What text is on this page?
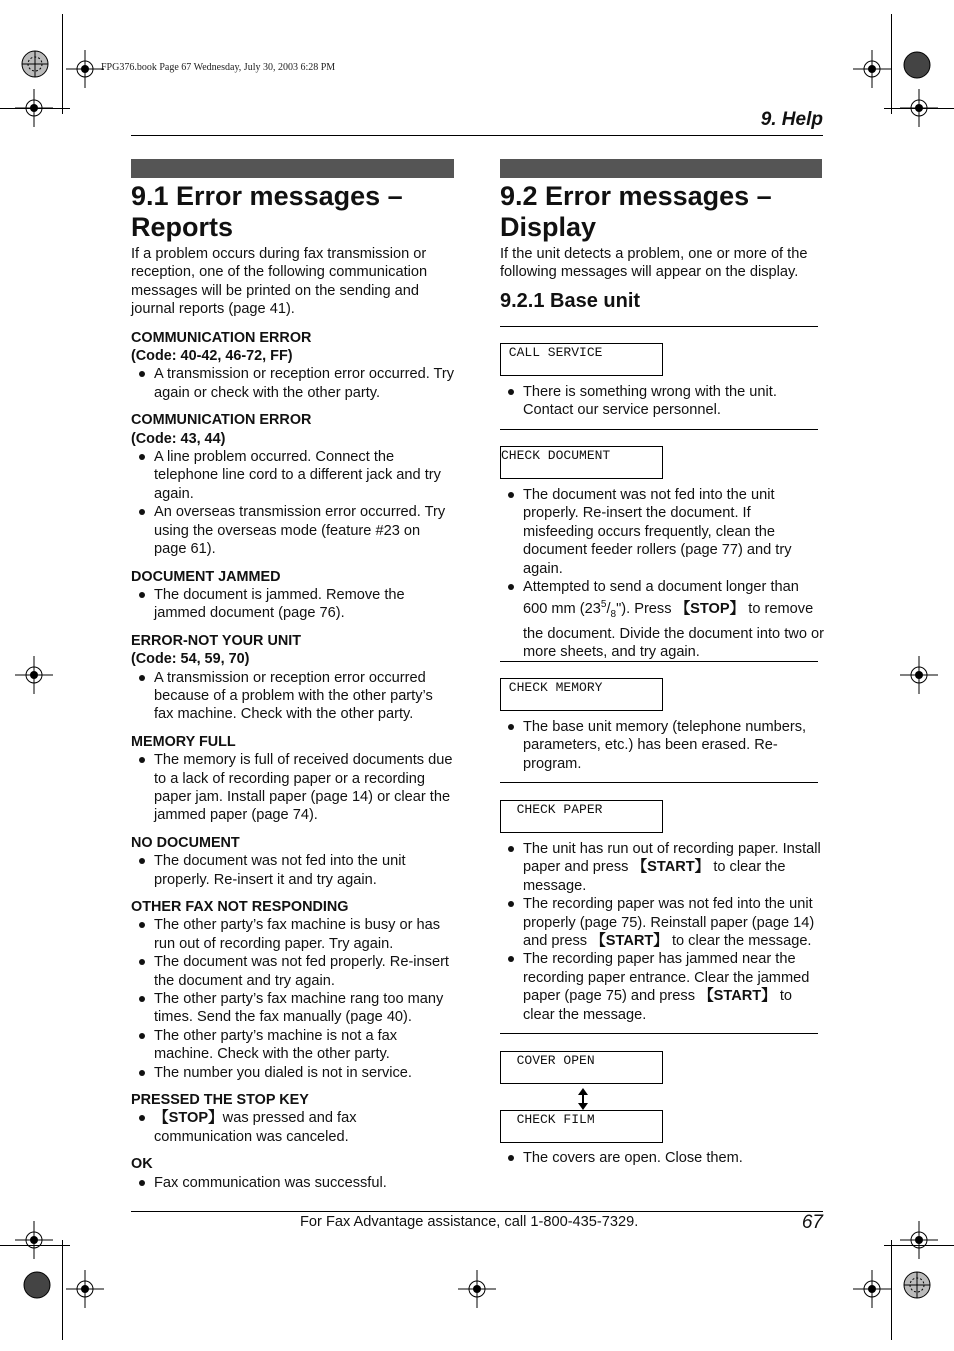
FPG376.book Page 67 Wednesday, July 30, 2003 6:28 PM
9. Help
9.1 Error messages –
Reports

If a problem occurs during fax transmission or reception, one of the following communication messages will be printed on the sending and journal reports (page 41).

COMMUNICATION ERROR

(Code: 40-42, 46-72, FF)

A transmission or reception error occurred. Try again or check with the other party.

COMMUNICATION ERROR

(Code: 43, 44)

A line problem occurred. Connect the telephone line cord to a different jack and try again.

An overseas transmission error occurred. Try using the overseas mode (feature #23 on page 61).

DOCUMENT JAMMED

The document is jammed. Remove the jammed document (page 76).

ERROR-NOT YOUR UNIT

(Code: 54, 59, 70)

A transmission or reception error occurred because of a problem with the other party’s fax machine. Check with the other party.

MEMORY FULL

The memory is full of received documents due to a lack of recording paper or a recording paper jam. Install paper (page 14) or clear the jammed paper (page 74).

NO DOCUMENT

The document was not fed into the unit properly. Re-insert it and try again.

OTHER FAX NOT RESPONDING

The other party’s fax machine is busy or has run out of recording paper. Try again.

The document was not fed properly. Re-insert the document and try again.

The other party’s fax machine rang too many times. Send the fax manually (page 40).

The other party’s machine is not a fax machine. Check with the other party.

The number you dialed is not in service.

PRESSED THE STOP KEY

【STOP】was pressed and fax communication was canceled.

OK

Fax communication was successful.

9.2 Error messages –
Display

If the unit detects a problem, one or more of the following messages will appear on the display.

9.2.1 Base unit
CALL SERVICE

There is something wrong with the unit. Contact our service personnel.

CHECK DOCUMENT

The document was not fed into the unit properly. Re-insert the document. If misfeeding occurs frequently, clean the document feeder rollers (page 77) and try again.

Attempted to send a document longer than 600 mm $(23^5/_8")$. Press 【STOP】 to remove the document. Divide the document into two or more sheets, and try again.

CHECK MEMORY

The base unit memory (telephone numbers, parameters, etc.) has been erased. Re-program.

CHECK PAPER

The unit has run out of recording paper. Install paper and press 【START】 to clear the message.

The recording paper was not fed into the unit properly (page 75). Reinstall paper (page 14) and press 【START】 to clear the message.

The recording paper has jammed near the recording paper entrance. Clear the jammed paper (page 75) and press 【START】 to clear the message.

COVER OPEN
CHECK FILM

The covers are open. Close them.

For Fax Advantage assistance, call 1-800-435-7329.	67
